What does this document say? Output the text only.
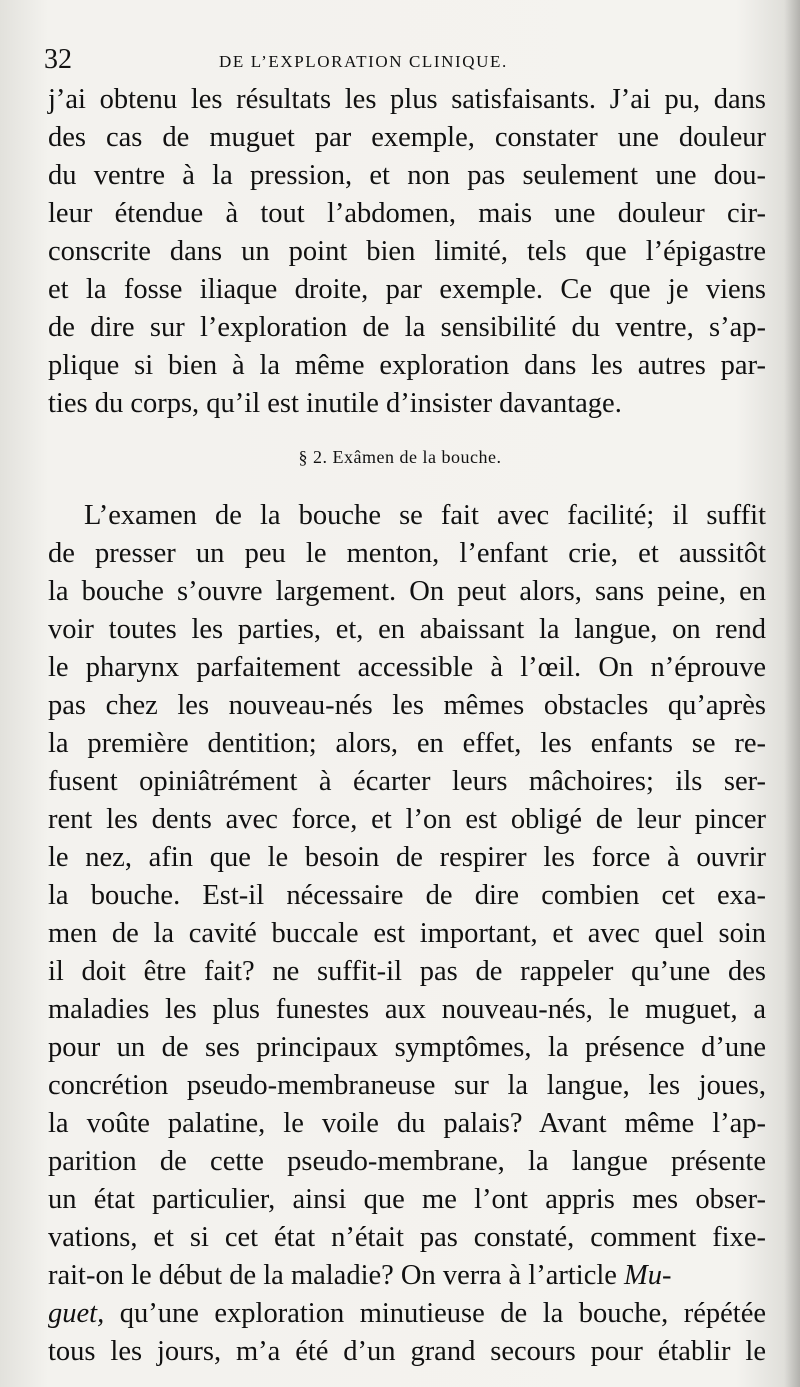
32	DE L’EXPLORATION CLINIQUE.
j’ai obtenu les résultats les plus satisfaisants. J’ai pu, dans
des cas de muguet par exemple, constater une douleur
du ventre à la pression, et non pas seulement une dou-
leur étendue à tout l’abdomen, mais une douleur cir-
conscrite dans un point bien limité, tels que l’épigastre
et la fosse iliaque droite, par exemple. Ce que je viens
de dire sur l’exploration de la sensibilité du ventre, s’ap-
plique si bien à la même exploration dans les autres par-
ties du corps, qu’il est inutile d’insister davantage.
§ 2. Exâmen de la bouche.
L’examen de la bouche se fait avec facilité; il suffit
de presser un peu le menton, l’enfant crie, et aussitôt
la bouche s’ouvre largement. On peut alors, sans peine, en
voir toutes les parties, et, en abaissant la langue, on rend
le pharynx parfaitement accessible à l’œil. On n’éprouve
pas chez les nouveau-nés les mêmes obstacles qu’après
la première dentition; alors, en effet, les enfants se re-
fusent opiniâtrément à écarter leurs mâchoires; ils ser-
rent les dents avec force, et l’on est obligé de leur pincer
le nez, afin que le besoin de respirer les force à ouvrir
la bouche. Est-il nécessaire de dire combien cet exa-
men de la cavité buccale est important, et avec quel soin
il doit être fait? ne suffit-il pas de rappeler qu’une des
maladies les plus funestes aux nouveau-nés, le muguet, a
pour un de ses principaux symptômes, la présence d’une
concrétion pseudo-membraneuse sur la langue, les joues,
la voûte palatine, le voile du palais? Avant même l’ap-
parition de cette pseudo-membrane, la langue présente
un état particulier, ainsi que me l’ont appris mes obser-
vations, et si cet état n’était pas constaté, comment fixe-
rait-on le début de la maladie? On verra à l’article Mu-
guet, qu’une exploration minutieuse de la bouche, répétée
tous les jours, m’a été d’un grand secours pour établir le
